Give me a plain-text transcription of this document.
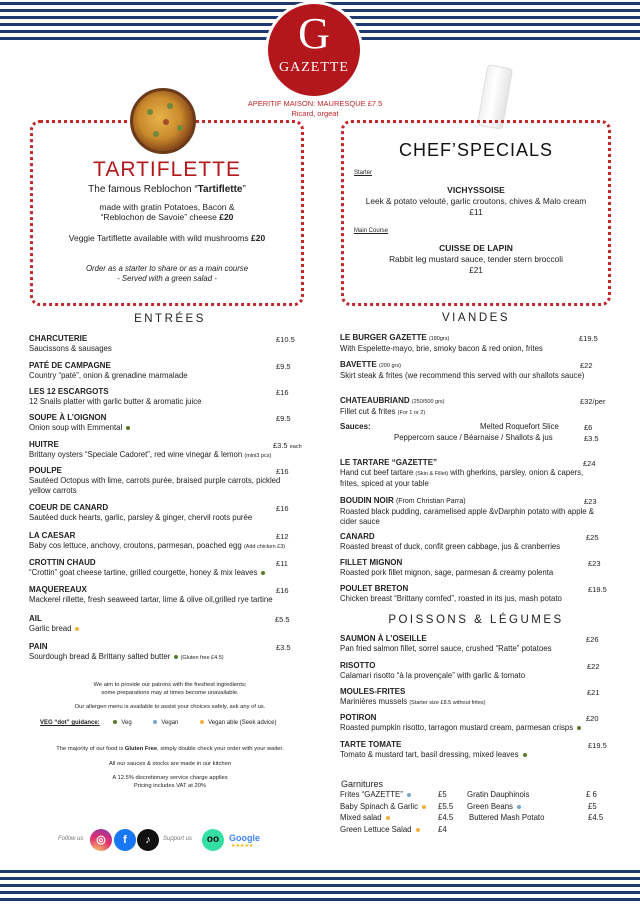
G
GAZETTE
APERITIF MAISON: MAURESQUE £7.5
Ricard, orgeat
TARTIFLETTE
The famous Reblochon “Tartiflette”
made with gratin Potatoes, Bacon &
“Reblochon de Savoie” cheese £20
Veggie Tartiflette available with wild mushrooms £20
Order as a starter to share or as a main course
- Served with a green salad -
CHEF’SPECIALS
Starter
VICHYSSOISE
Leek & potato velouté, garlic croutons, chives & Malo cream
£11
Main Course
CUISSE DE LAPIN
Rabbit leg mustard sauce, tender stern broccoli
£21
ENTRÉES	VIANDES
POISSONS & LÉGUMES
CHARCUTERIE
Saucissons & sausages
£10.5
PATÉ DE CAMPAGNE
Country “paté”, onion & grenadine marmalade
£9.5
LES 12 ESCARGOTS
12 Snails platter with garlic butter & aromatic juice
£16
SOUPE À L’OIGNON
Onion soup with Emmental
£9.5
HUITRE
Brittany oysters “Speciale Cadoret”, red wine vinegar & lemon (mini3 pcs)
£3.5 each
POULPE
Sautéed Octopus with lime, carrots purée, braised purple carrots, pickled yellow carrots
£16
COEUR DE CANARD
Sautéed duck hearts, garlic, parsley & ginger, chervil roots purée
£16
LA CAESAR
Baby cos lettuce, anchovy, croutons, parmesan, poached egg (Add chicken £3)
£12
CROTTIN CHAUD
“Crottin” goat cheese tartine, grilled courgette, honey & mix leaves
£11
MAQUEREAUX
Mackerel rillette, fresh seaweed tartar, lime & olive oil,grilled rye tartine
£16
AIL
Garlic bread
£5.5
PAIN
Sourdough bread & Brittany salted butter (Gluten free £4.5)
£3.5
We aim to provide our patrons with the freshest ingredients;
some preparations may at times become unavailable.
Our allergen menu is available to assist your choices safely, ask any of us.
VEG “dot” guidance:	Veg	Vegan	Vegan able (Seek advice)
The majority of our food is Gluten Free, simply double check your order with your waiter.
All our sauces & stocks are made in our kitchen
A 12.5% discretionary service charge applies
Pricing includes VAT at 20%
Follow us	◎	f	♪	Support us	oo	Google
★★★★★
LE BURGER GAZETTE (180grs)
With Espelette-mayo, brie, smoky bacon & red onion, frites
£19.5
BAVETTE (200 grs)
Skirt steak & frites (we recommend this served with our shallots sauce)
£22
CHATEAUBRIAND (250/500 grs)
Fillet cut & frites (For 1 or 2)
£32/per
Sauces:	Melted Roquefort Slice	£6
Peppercorn sauce / Béarnaise / Shallots & jus	£3.5
LE TARTARE “GAZETTE”
Hand cut beef tartare (Skin & Fillet) with gherkins, parsley, onion & capers, frites, spiced at your table
£24
BOUDIN NOIR (From Christian Parra)
Roasted black pudding, caramelised apple &vDarphin potato with apple & cider sauce
£23
CANARD
Roasted breast of duck, confit green cabbage, jus & cranberries
£25
FILLET MIGNON
Roasted pork fillet mignon, sage, parmesan & creamy polenta
£23
POULET BRETON
Chicken breast “Brittany cornfed”, roasted in its jus, mash potato
£19.5
SAUMON À L’OSEILLE
Pan fried salmon fillet, sorrel sauce, crushed “Ratte” potatoes
£26
RISOTTO
Calamari risotto “à la provençale” with garlic & tomato
£22
MOULES-FRITES
Marinières mussels (Starter size £8.5 without frites)
£21
POTIRON
Roasted pumpkin risotto, tarragon mustard cream, parmesan crisps
£20
TARTE TOMATE
Tomato & mustard tart, basil dressing, mixed leaves
£19.5
Garnitures
Frites “GAZETTE”	£5
Baby Spinach & Garlic	£5.5
Mixed salad	£4.5
Green Lettuce Salad	£4
Gratin Dauphinois	£ 6
Green Beans	£5
Buttered Mash Potato	£4.5
